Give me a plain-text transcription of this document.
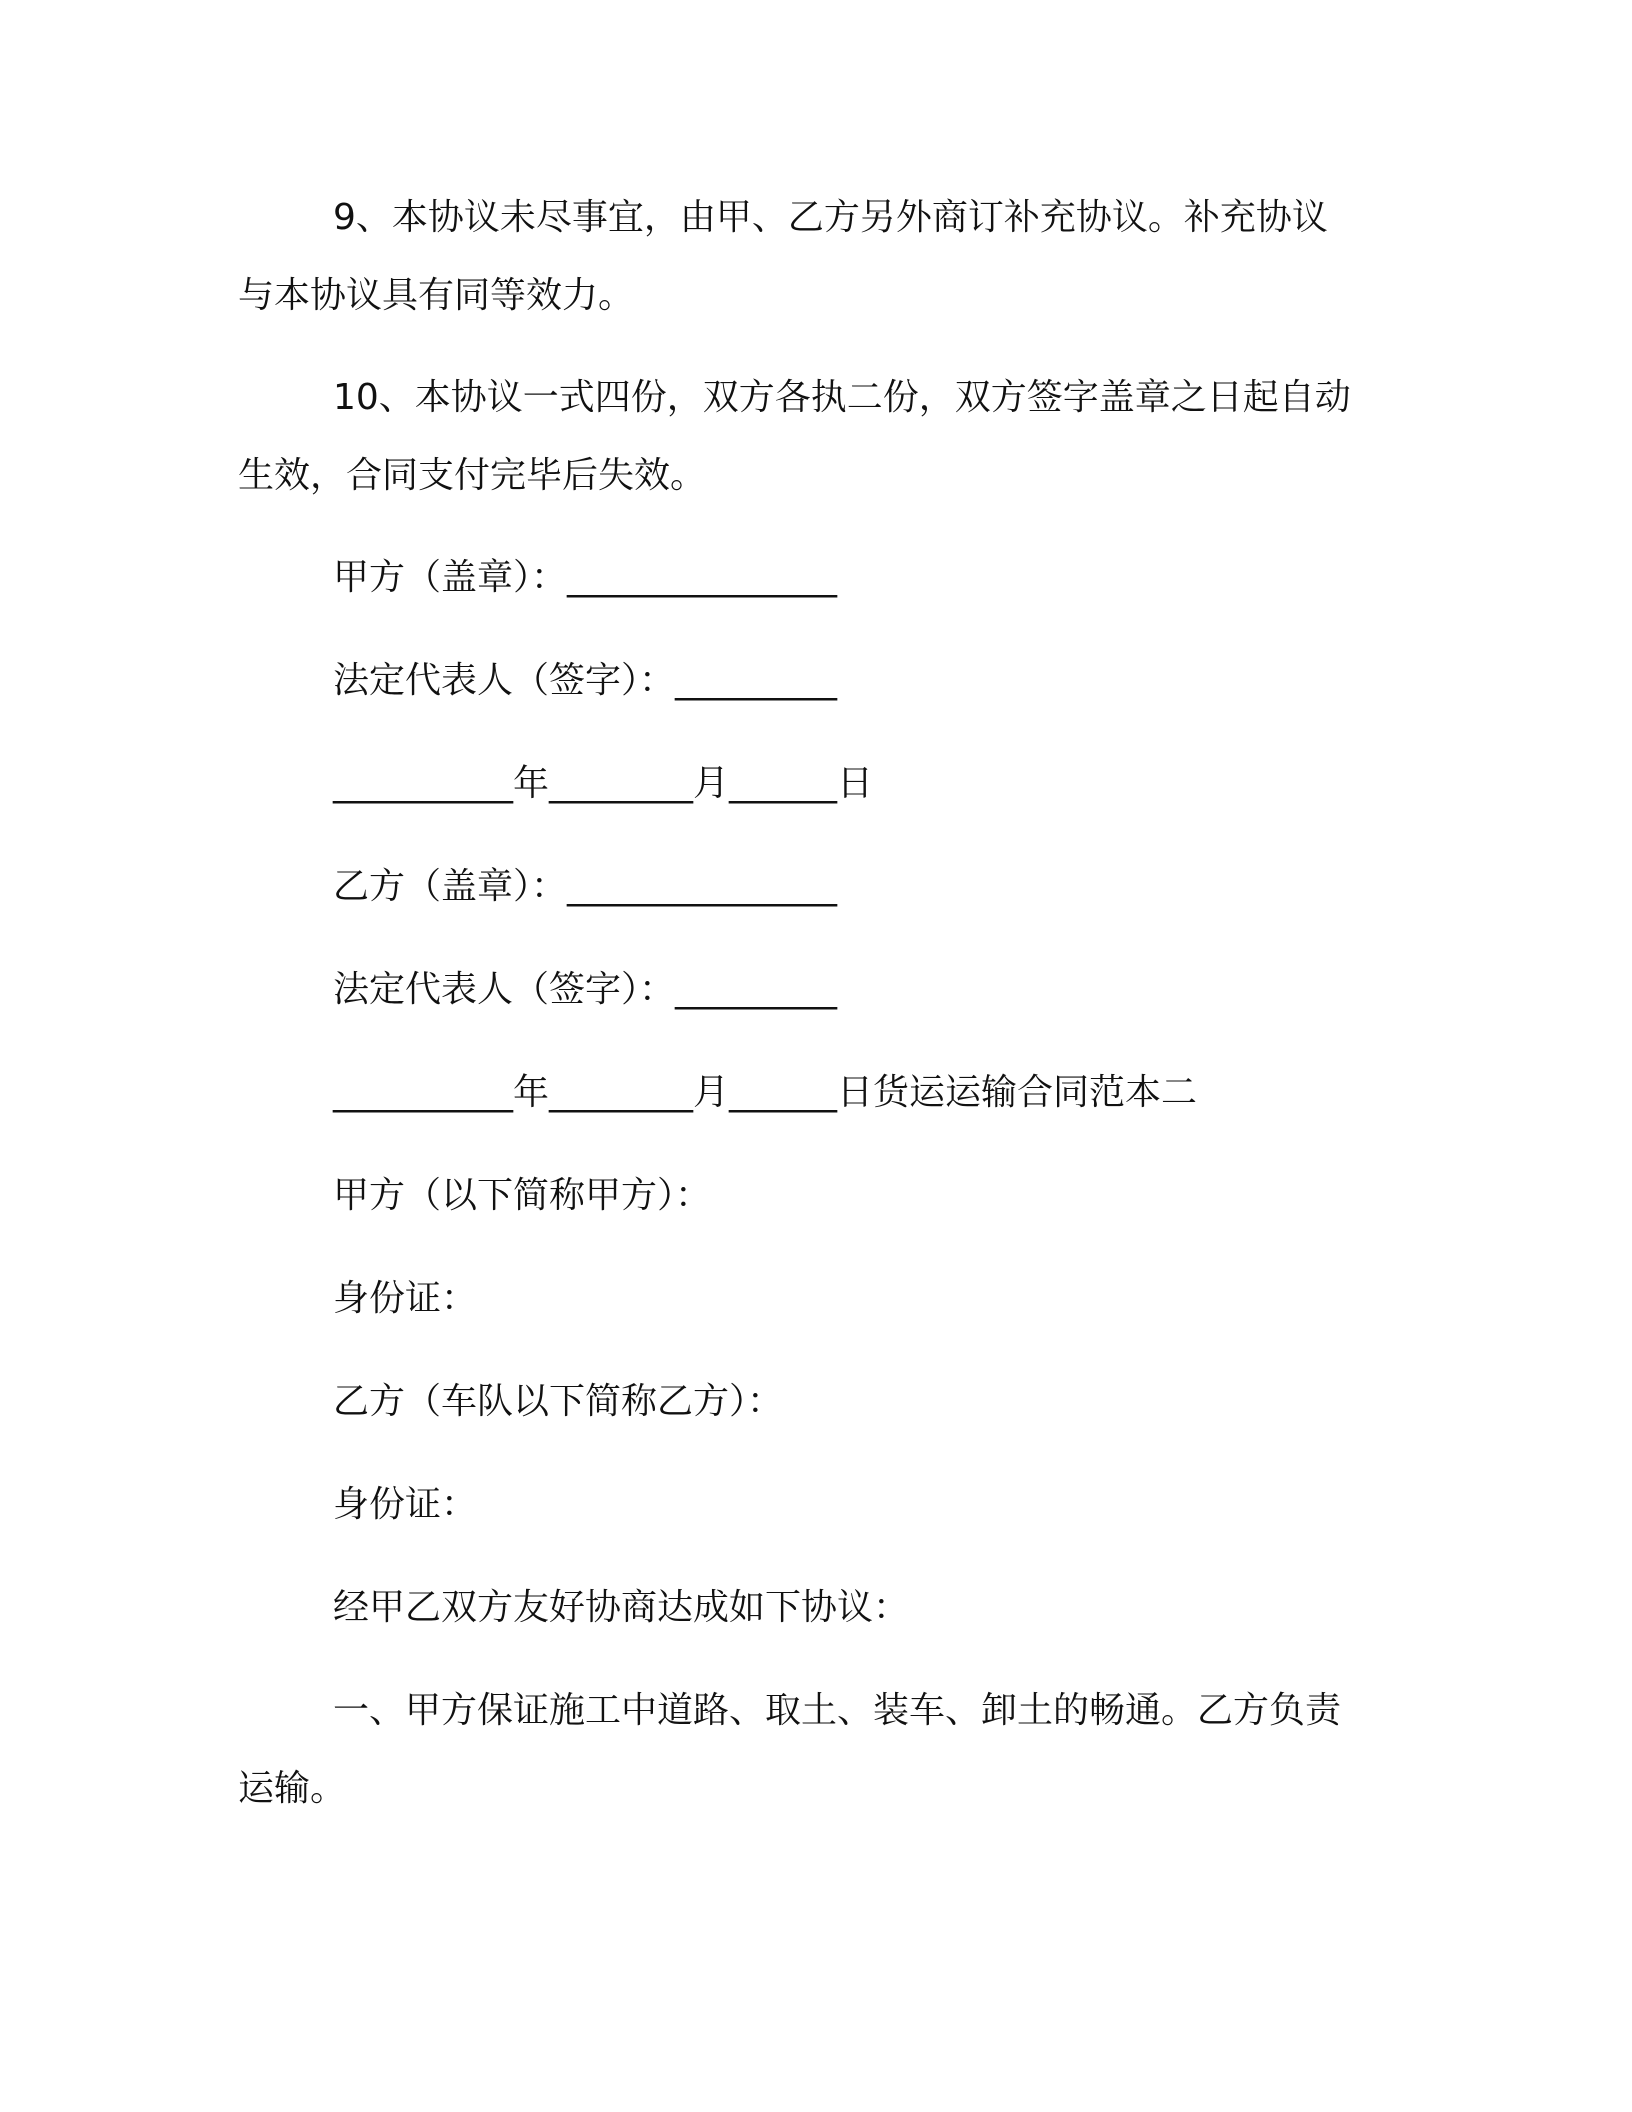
9、本协议未尽事宜，由甲、乙方另外商订补充协议。补充协议
与本协议具有同等效力。
10、本协议一式四份，双方各执二份，双方签字盖章之日起自动
生效，合同支付完毕后失效。
甲方（盖章）：_______________
法定代表人（签字）：_________
__________年________月______日
乙方（盖章）：_______________
法定代表人（签字）：_________
__________年________月______日货运运输合同范本二
甲方（以下简称甲方）：
身份证：
乙方（车队以下简称乙方）：
身份证：
经甲乙双方友好协商达成如下协议：
一、甲方保证施工中道路、取土、装车、卸土的畅通。乙方负责
运输。
